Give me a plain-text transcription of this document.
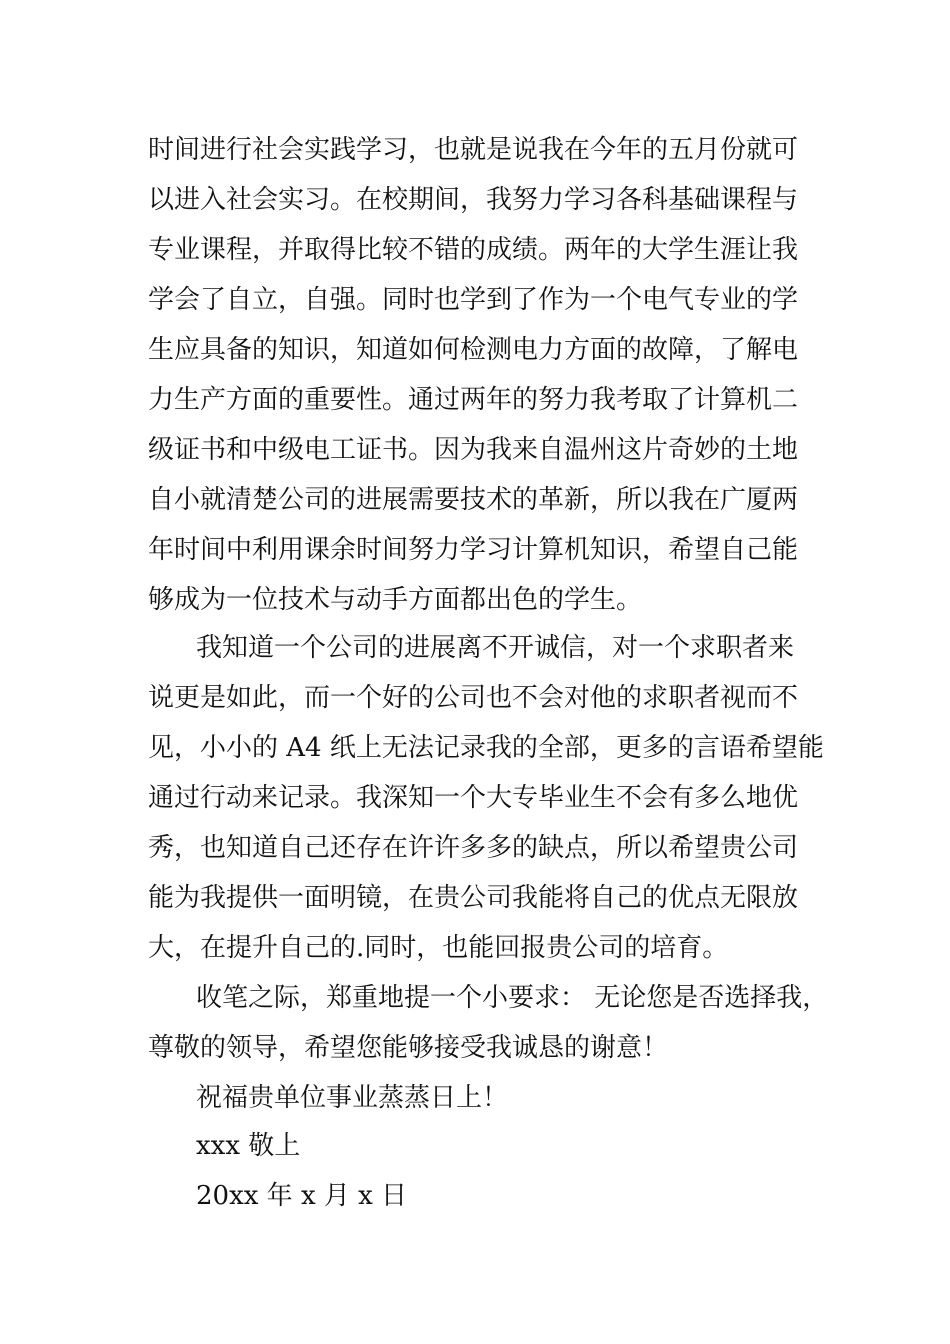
时间进行社会实践学习，也就是说我在今年的五月份就可
以进入社会实习。在校期间，我努力学习各科基础课程与
专业课程，并取得比较不错的成绩。两年的大学生涯让我
学会了自立，自强。同时也学到了作为一个电气专业的学
生应具备的知识，知道如何检测电力方面的故障，了解电
力生产方面的重要性。通过两年的努力我考取了计算机二
级证书和中级电工证书。因为我来自温州这片奇妙的土地
自小就清楚公司的进展需要技术的革新，所以我在广厦两
年时间中利用课余时间努力学习计算机知识，希望自己能
够成为一位技术与动手方面都出色的学生。
我知道一个公司的进展离不开诚信，对一个求职者来
说更是如此，而一个好的公司也不会对他的求职者视而不
见，小小的 A4 纸上无法记录我的全部，更多的言语希望能
通过行动来记录。我深知一个大专毕业生不会有多么地优
秀，也知道自己还存在许许多多的缺点，所以希望贵公司
能为我提供一面明镜，在贵公司我能将自己的优点无限放
大，在提升自己的.同时，也能回报贵公司的培育。
收笔之际，郑重地提一个小要求： 无论您是否选择我，
尊敬的领导，希望您能够接受我诚恳的谢意！
祝福贵单位事业蒸蒸日上！
xxx 敬上
20xx 年 x 月 x 日
